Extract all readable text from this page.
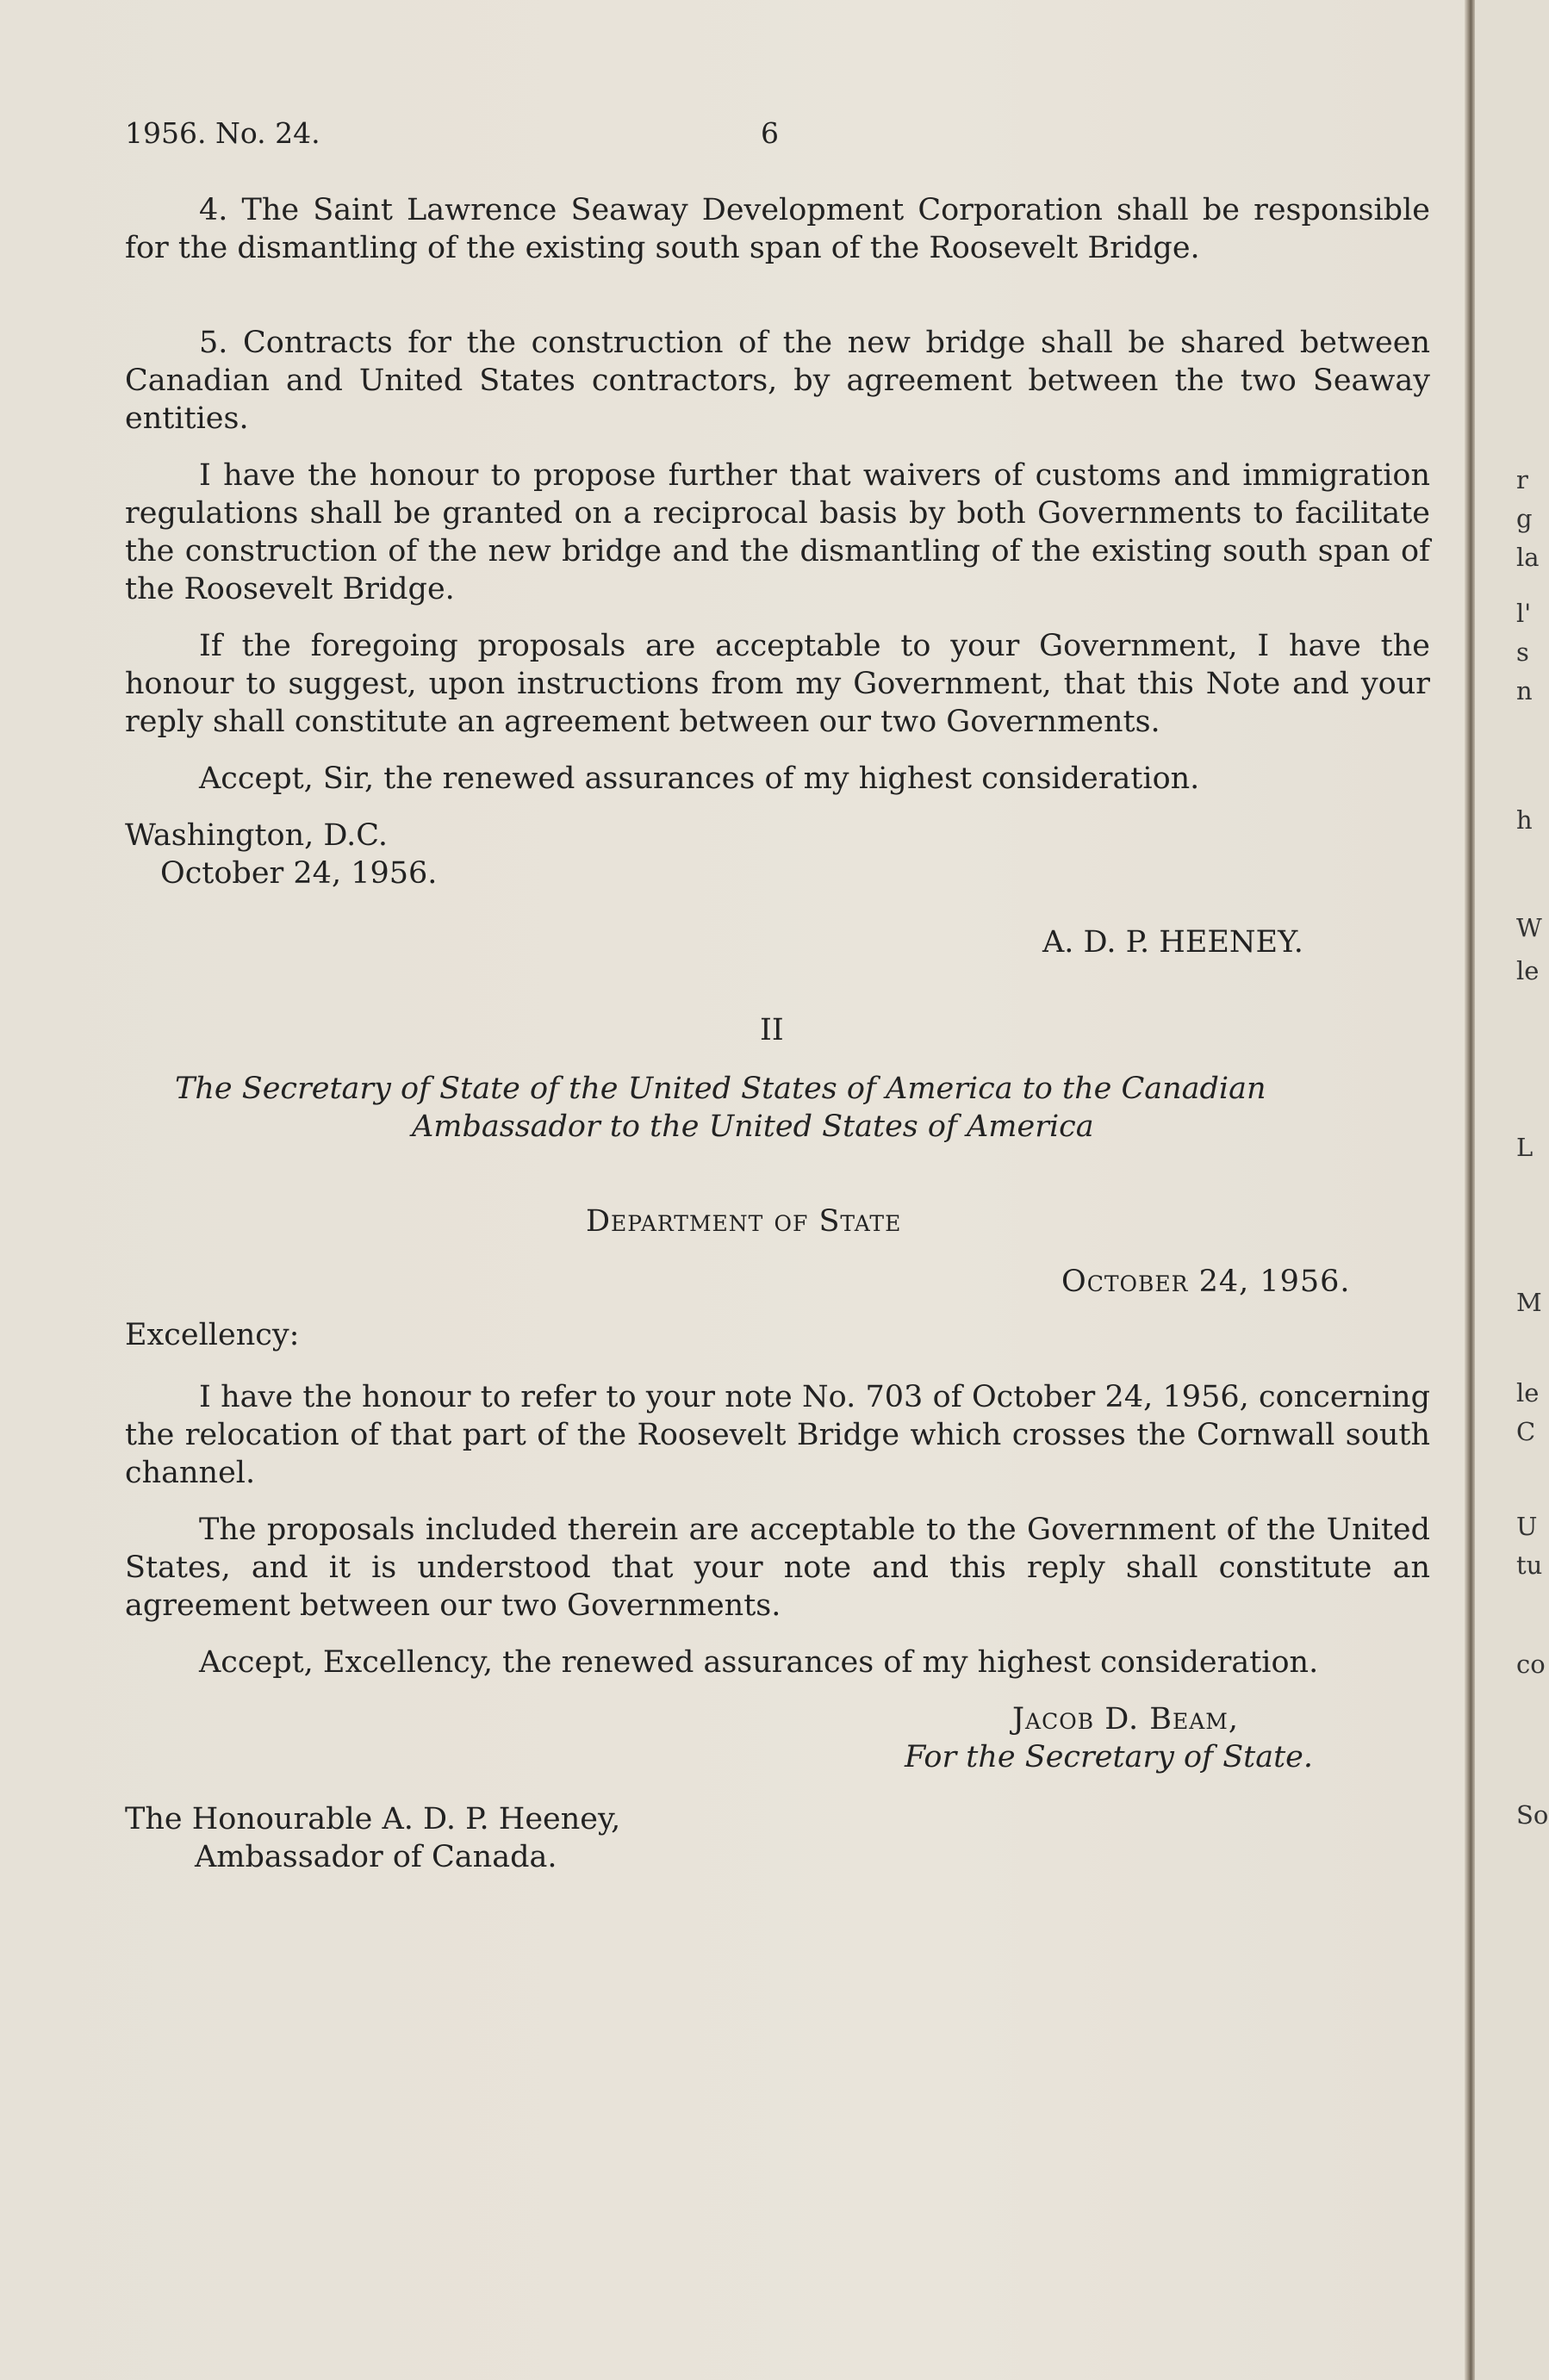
r
g
la
l'
s
n
h
W
le
L
M
le
C
U
tu
co
So
1956. No. 24.	6

4. The Saint Lawrence Seaway Development Corporation shall be responsible for the dismantling of the existing south span of the Roosevelt Bridge.

5. Contracts for the construction of the new bridge shall be shared between Canadian and United States contractors, by agreement between the two Seaway entities.

I have the honour to propose further that waivers of customs and immigration regulations shall be granted on a reciprocal basis by both Governments to facilitate the construction of the new bridge and the dismantling of the existing south span of the Roosevelt Bridge.

If the foregoing proposals are acceptable to your Government, I have the honour to suggest, upon instructions from my Government, that this Note and your reply shall constitute an agreement between our two Governments.

Accept, Sir, the renewed assurances of my highest consideration.

Washington, D.C.
October 24, 1956.
A. D. P. HEENEY.
II
The Secretary of State of the United States of America to the Canadian
Ambassador to the United States of America
Department of State
October 24, 1956.
Excellency:

I have the honour to refer to your note No. 703 of October 24, 1956, concerning the relocation of that part of the Roosevelt Bridge which crosses the Cornwall south channel.

The proposals included therein are acceptable to the Government of the United States, and it is understood that your note and this reply shall constitute an agreement between our two Governments.

Accept, Excellency, the renewed assurances of my highest consideration.

Jacob D. Beam,
For the Secretary of State.
The Honourable A. D. P. Heeney,
Ambassador of Canada.
